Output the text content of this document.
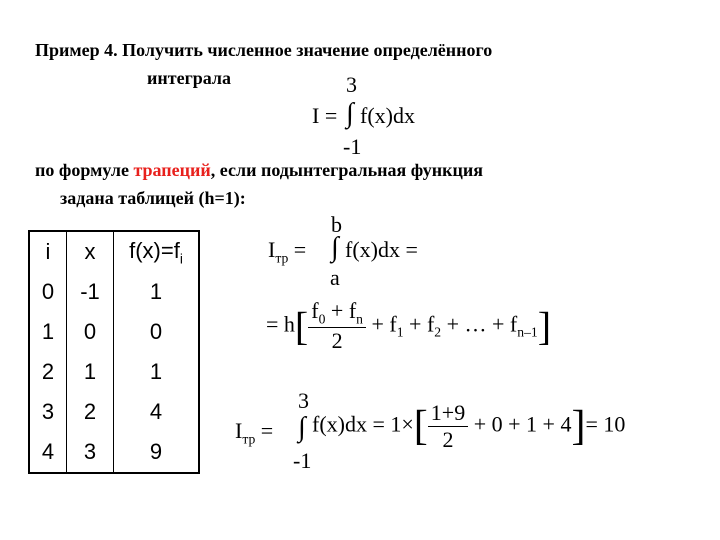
Пример 4. Получить численное значение определённого
интеграла	3
I = ∫ f(x)dx
-1
по формуле трапеций, если подынтегральная функция
задана таблицей (h=1):
i	x	$f(x)=f_i$
0	-1	1
1	0	0
2	1	1
3	2	4
4	3	9
b
$I_{тр}$ = ∫ f(x)dx =
a
= $h[ \frac{f_0 + f_n}{2} + f_1 + f_2$ + … + $f_{n-1}$]
3
$I_{тр}$ = ∫
-1
$f(x)dx = 1\times[ \frac{1+9}{2} + 0 + 1 + 4]= 10$
